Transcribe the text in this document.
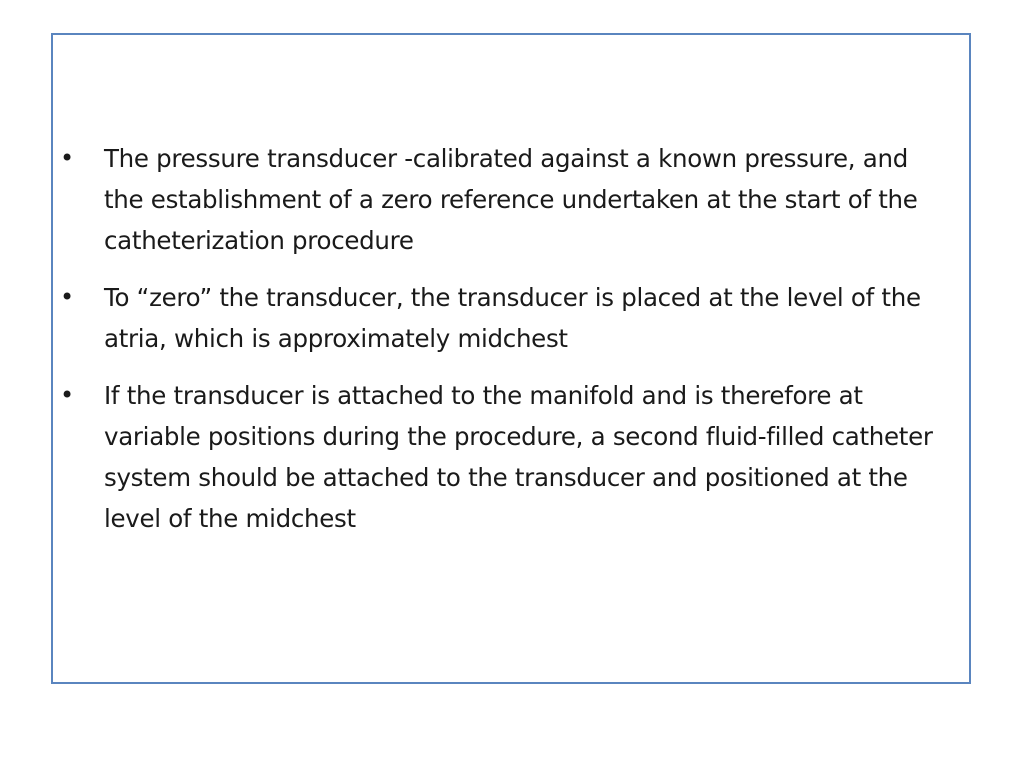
• The pressure transducer -calibrated against a known pressure, and the establishment of a zero reference undertaken at the start of the catheterization procedure
• To “zero” the transducer, the transducer is placed at the level of the atria, which is approximately midchest
• If the transducer is attached to the manifold and is therefore at variable positions during the procedure, a second fluid-filled catheter system should be attached to the transducer and positioned at the level of the midchest
